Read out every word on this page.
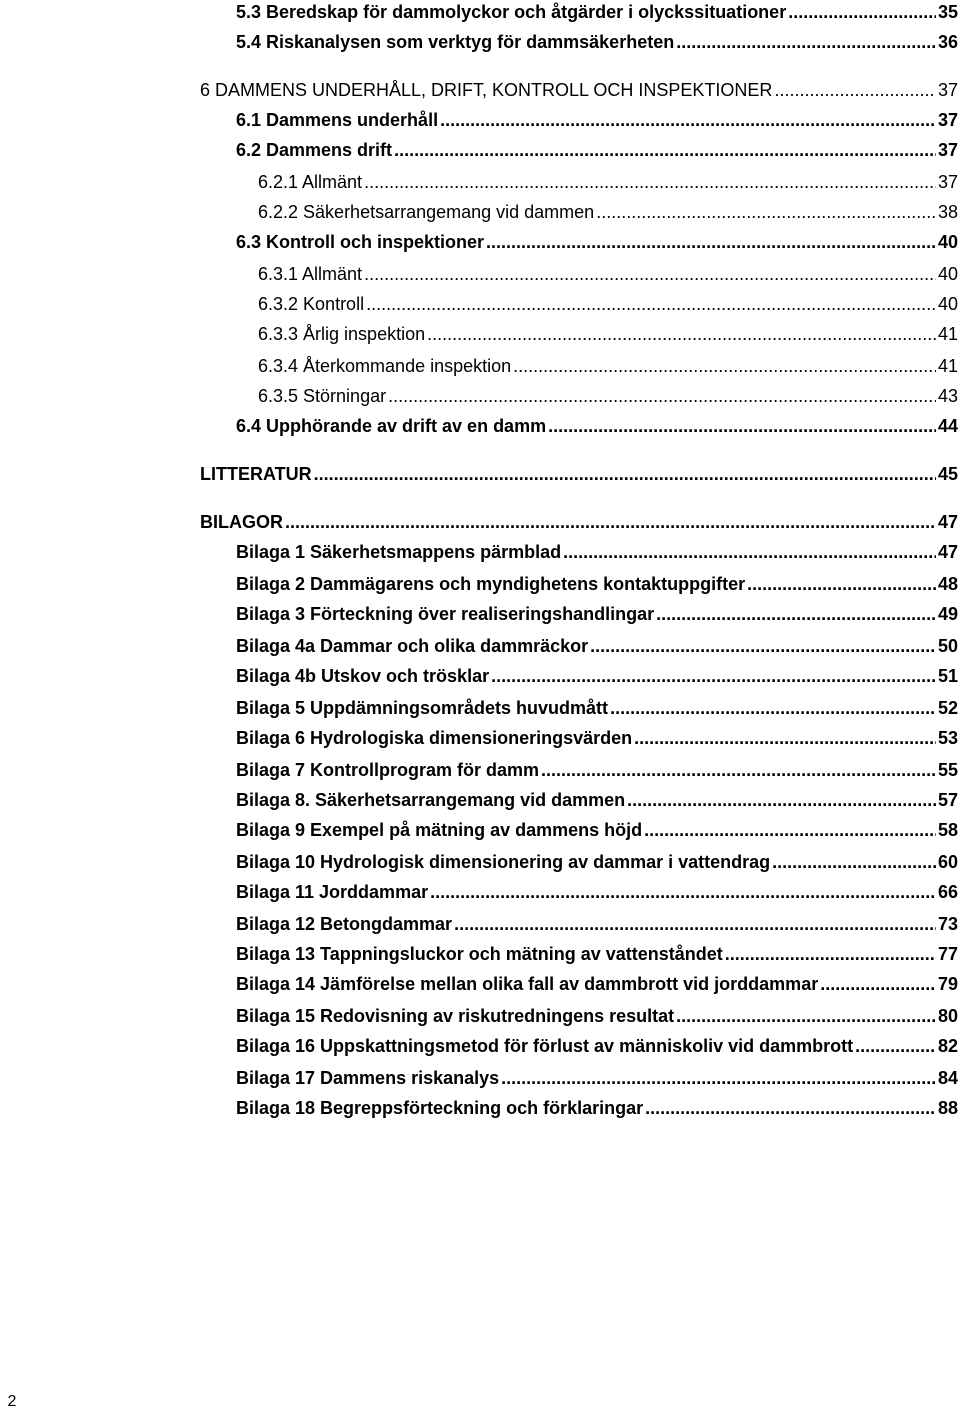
5.3 Beredskap för dammolyckor och åtgärder i olyckssituationer .....	35
5.4 Riskanalysen som verktyg för dammsäkerheten .....	36
6 DAMMENS UNDERHÅLL, DRIFT, KONTROLL OCH INSPEKTIONER .....	37
6.1 Dammens underhåll .....	37
6.2 Dammens drift .....	37
6.2.1 Allmänt .....	37
6.2.2 Säkerhetsarrangemang vid dammen .....	38
6.3 Kontroll och inspektioner .....	40
6.3.1 Allmänt .....	40
6.3.2 Kontroll .....	40
6.3.3 Årlig inspektion .....	41
6.3.4 Återkommande inspektion .....	41
6.3.5 Störningar .....	43
6.4 Upphörande av drift av en damm .....	44
LITTERATUR .....	45
BILAGOR .....	47
Bilaga 1 Säkerhetsmappens pärmblad .....	47
Bilaga 2 Dammägarens och myndighetens kontaktuppgifter .....	48
Bilaga 3 Förteckning över realiseringshandlingar .....	49
Bilaga 4a Dammar och olika dammräckor .....	50
Bilaga 4b Utskov och trösklar .....	51
Bilaga 5 Uppdämningsområdets huvudmått .....	52
Bilaga 6 Hydrologiska dimensioneringsvärden .....	53
Bilaga 7 Kontrollprogram för damm .....	55
Bilaga 8. Säkerhetsarrangemang vid dammen .....	57
Bilaga 9 Exempel på mätning av dammens höjd .....	58
Bilaga 10 Hydrologisk dimensionering av dammar i vattendrag .....	60
Bilaga 11 Jorddammar .....	66
Bilaga 12 Betongdammar .....	73
Bilaga 13 Tappningsluckor och mätning av vattenståndet .....	77
Bilaga 14 Jämförelse mellan olika fall av dammbrott vid jorddammar .....	79
Bilaga 15 Redovisning av riskutredningens resultat .....	80
Bilaga 16 Uppskattningsmetod för förlust av människoliv vid dammbrott .....	82
Bilaga 17 Dammens riskanalys .....	84
Bilaga 18 Begreppsförteckning och förklaringar .....	88
2
